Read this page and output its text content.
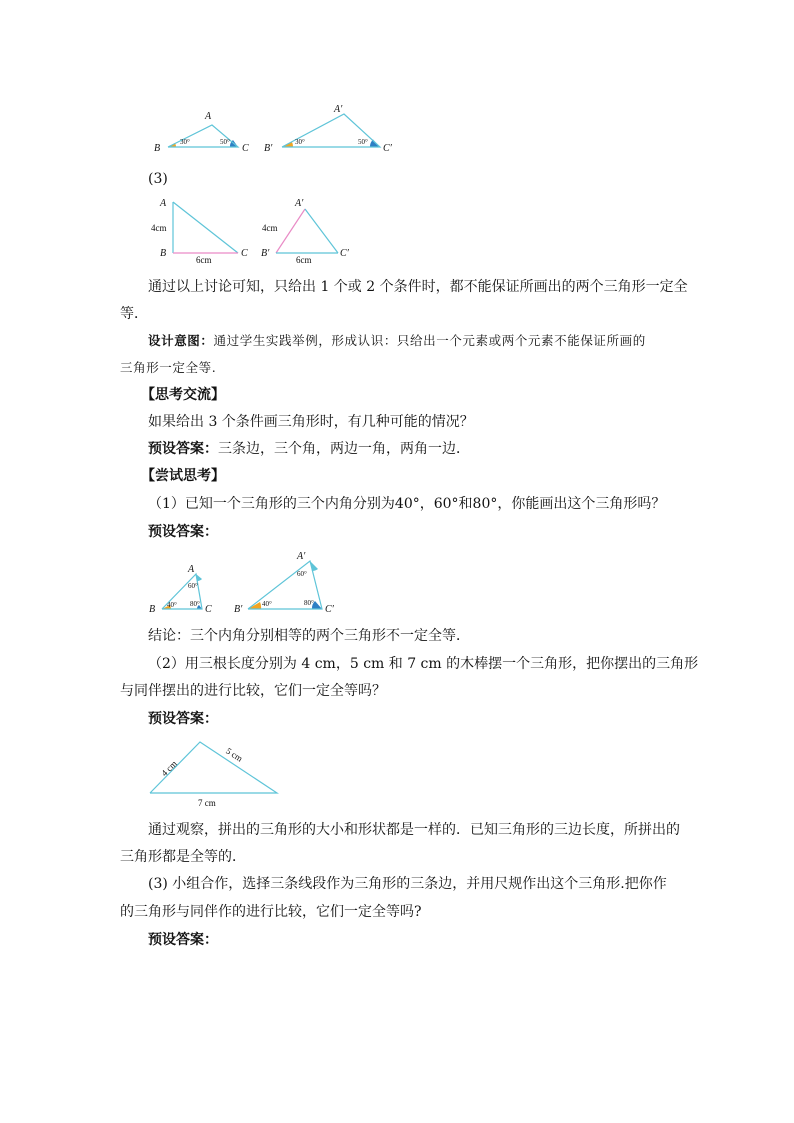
A
B	C
30°	50°
A′
B′	C′
30°	50°
(3)
A
B	C
4cm
6cm
A′
B′	C′
4cm
6cm
通过以上讨论可知，只给出 1 个或 2 个条件时，都不能保证所画出的两个三角形一定全
等．
设计意图：通过学生实践举例，形成认识：只给出一个元素或两个元素不能保证所画的
三角形一定全等.
【思考交流】
如果给出 3 个条件画三角形时，有几种可能的情况？
预设答案：三条边，三个角，两边一角，两角一边．
【尝试思考】
（1）已知一个三角形的三个内角分别为40°，60°和80°，你能画出这个三角形吗？
预设答案：
A
B	C
60°
40° 80°
A′
B′	C′
60°
40°	80°
结论：三个内角分别相等的两个三角形不一定全等．
（2）用三根长度分别为 4 cm，5 cm 和 7 cm 的木棒摆一个三角形，把你摆出的三角形
与同伴摆出的进行比较，它们一定全等吗？
预设答案：
4 cm
5 cm
7 cm
通过观察，拼出的三角形的大小和形状都是一样的．已知三角形的三边长度，所拼出的
三角形都是全等的．
(3) 小组合作，选择三条线段作为三角形的三条边，并用尺规作出这个三角形.把你作
的三角形与同伴作的进行比较，它们一定全等吗?
预设答案：
